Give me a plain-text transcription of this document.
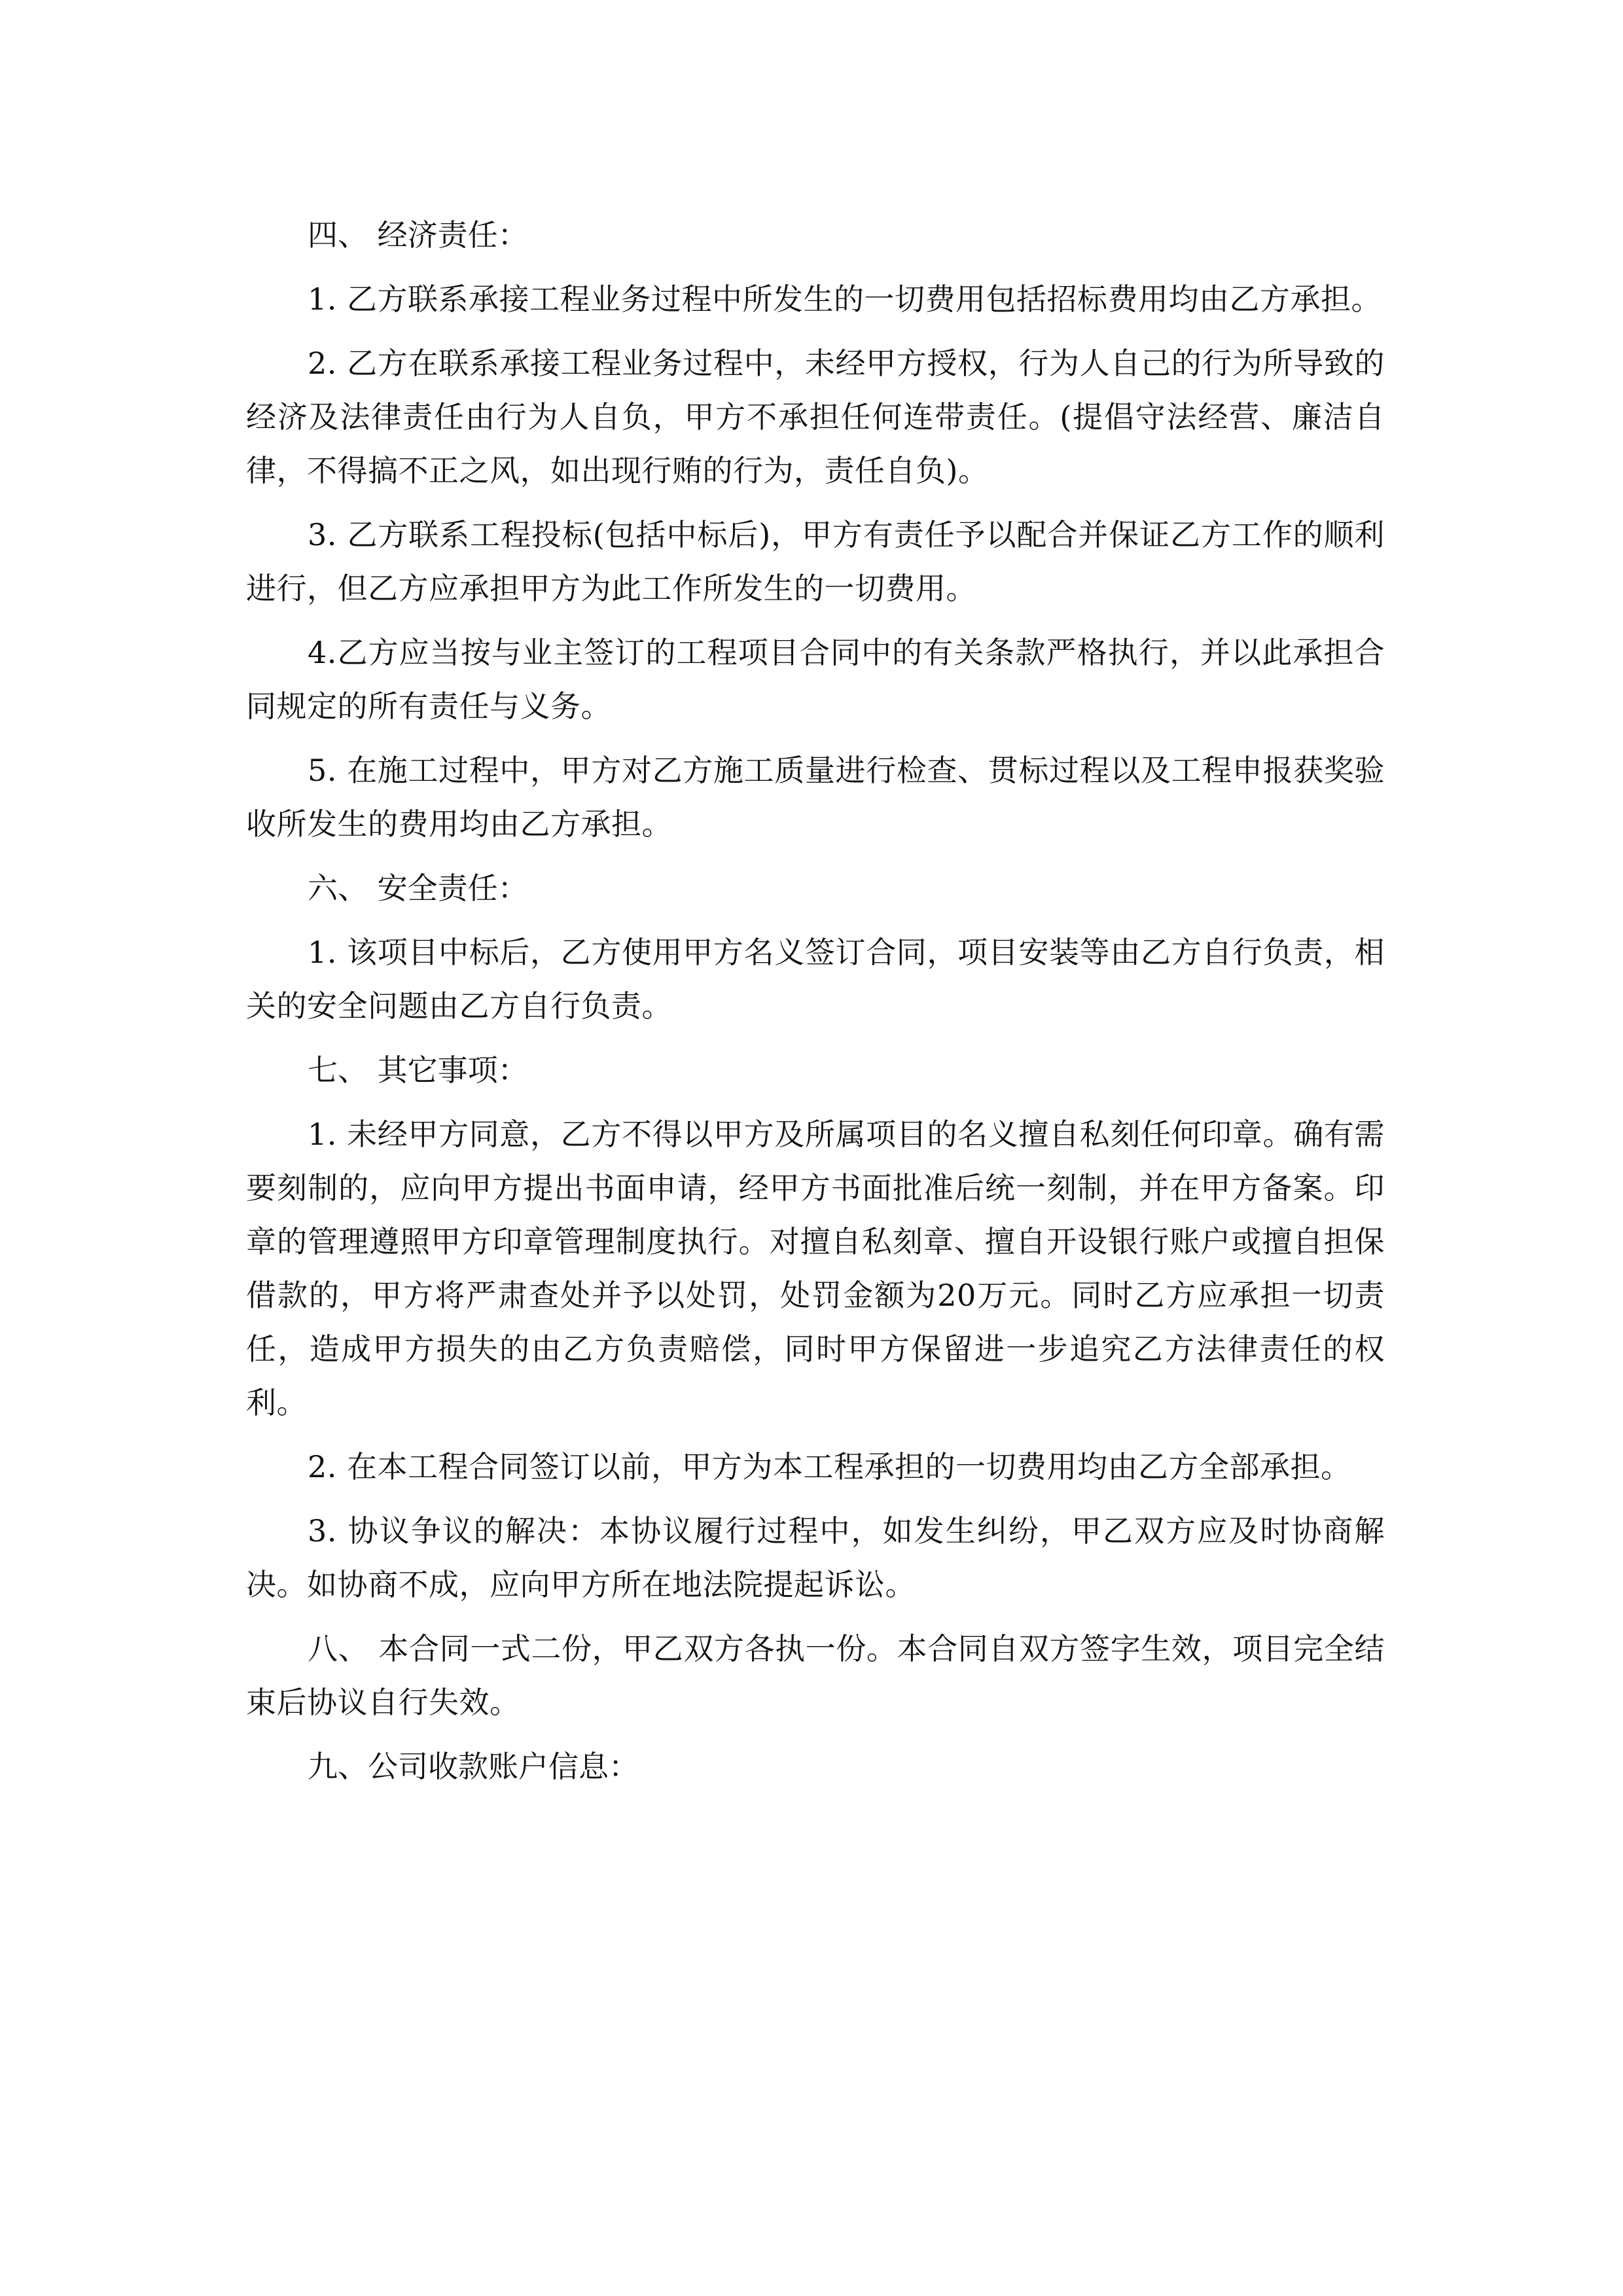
四、 经济责任：

1. 乙方联系承接工程业务过程中所发生的一切费用包括招标费用均由乙方承担。

2. 乙方在联系承接工程业务过程中，未经甲方授权，行为人自己的行为所导致的经济及法律责任由行为人自负，甲方不承担任何连带责任。(提倡守法经营、廉洁自律，不得搞不正之风，如出现行贿的行为，责任自负)。

3. 乙方联系工程投标(包括中标后)，甲方有责任予以配合并保证乙方工作的顺利进行，但乙方应承担甲方为此工作所发生的一切费用。

4.乙方应当按与业主签订的工程项目合同中的有关条款严格执行，并以此承担合同规定的所有责任与义务。

5. 在施工过程中，甲方对乙方施工质量进行检查、贯标过程以及工程申报获奖验收所发生的费用均由乙方承担。

六、 安全责任：

1. 该项目中标后，乙方使用甲方名义签订合同，项目安装等由乙方自行负责，相关的安全问题由乙方自行负责。

七、 其它事项：

1. 未经甲方同意，乙方不得以甲方及所属项目的名义擅自私刻任何印章。确有需要刻制的，应向甲方提出书面申请，经甲方书面批准后统一刻制，并在甲方备案。印章的管理遵照甲方印章管理制度执行。对擅自私刻章、擅自开设银行账户或擅自担保借款的，甲方将严肃查处并予以处罚，处罚金额为20万元。同时乙方应承担一切责任，造成甲方损失的由乙方负责赔偿，同时甲方保留进一步追究乙方法律责任的权利。

2. 在本工程合同签订以前，甲方为本工程承担的一切费用均由乙方全部承担。

3. 协议争议的解决：本协议履行过程中，如发生纠纷，甲乙双方应及时协商解决。如协商不成，应向甲方所在地法院提起诉讼。

八、 本合同一式二份，甲乙双方各执一份。本合同自双方签字生效，项目完全结束后协议自行失效。

九、公司收款账户信息：
